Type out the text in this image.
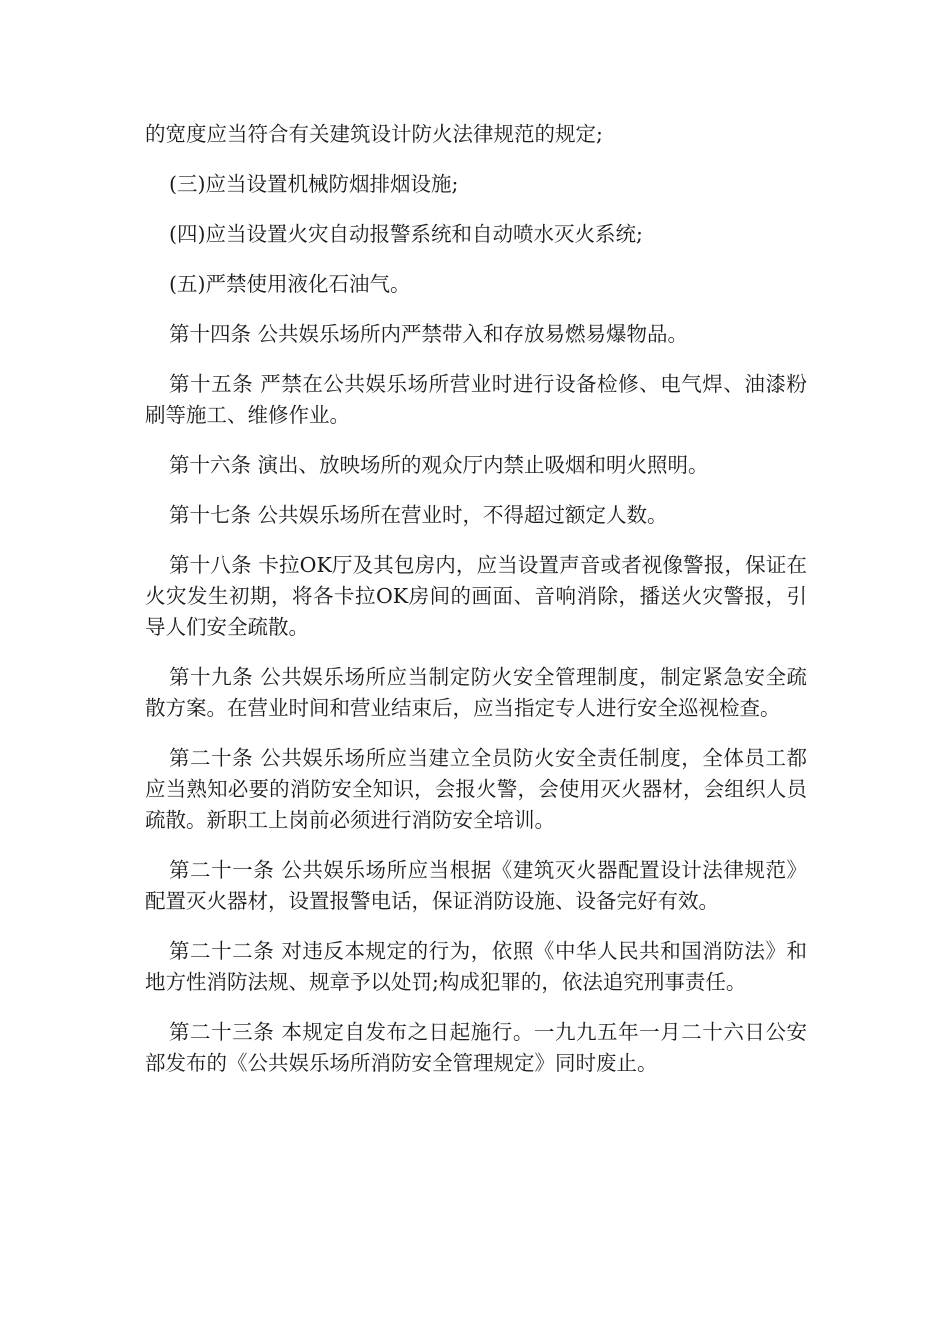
的宽度应当符合有关建筑设计防火法律规范的规定;

(三)应当设置机械防烟排烟设施;

(四)应当设置火灾自动报警系统和自动喷水灭火系统;

(五)严禁使用液化石油气。

第十四条 公共娱乐场所内严禁带入和存放易燃易爆物品。

第十五条 严禁在公共娱乐场所营业时进行设备检修、电气焊、油漆粉刷等施工、维修作业。

第十六条 演出、放映场所的观众厅内禁止吸烟和明火照明。

第十七条 公共娱乐场所在营业时，不得超过额定人数。

第十八条 卡拉OK厅及其包房内，应当设置声音或者视像警报，保证在火灾发生初期，将各卡拉OK房间的画面、音响消除，播送火灾警报，引导人们安全疏散。

第十九条 公共娱乐场所应当制定防火安全管理制度，制定紧急安全疏散方案。在营业时间和营业结束后，应当指定专人进行安全巡视检查。

第二十条 公共娱乐场所应当建立全员防火安全责任制度，全体员工都应当熟知必要的消防安全知识，会报火警，会使用灭火器材，会组织人员疏散。新职工上岗前必须进行消防安全培训。

第二十一条 公共娱乐场所应当根据《建筑灭火器配置设计法律规范》配置灭火器材，设置报警电话，保证消防设施、设备完好有效。

第二十二条 对违反本规定的行为，依照《中华人民共和国消防法》和地方性消防法规、规章予以处罚;构成犯罪的，依法追究刑事责任。

第二十三条 本规定自发布之日起施行。一九九五年一月二十六日公安部发布的《公共娱乐场所消防安全管理规定》同时废止。
